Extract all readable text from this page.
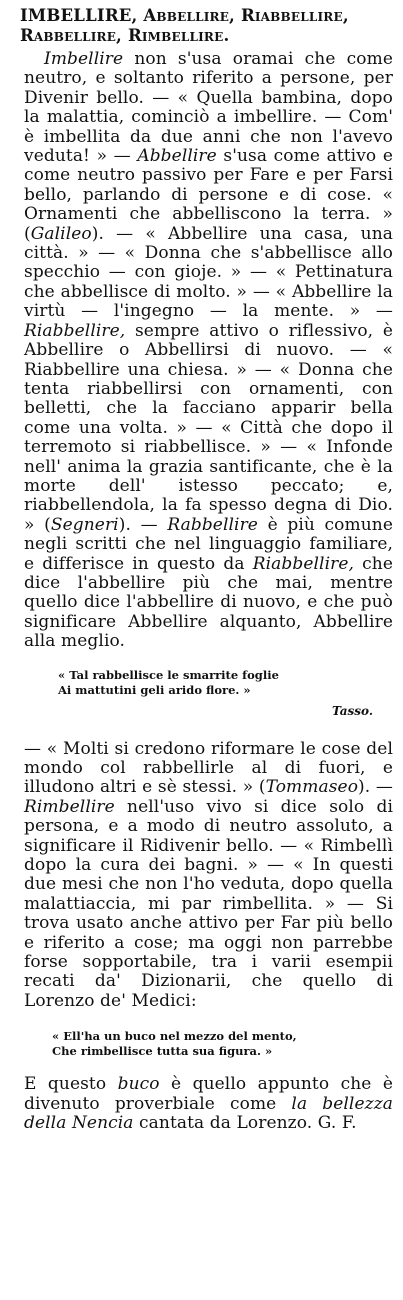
IMBELLIRE, Abbellire, Riabbellire, Rabbellire, Rimbellire.

Imbellire non s'usa oramai che come neutro, e soltanto riferito a persone, per Divenir bello. — « Quella bambina, dopo la malattia, cominciò a imbellire. — Com' è imbellita da due anni che non l'avevo veduta! » — Abbellire s'usa come attivo e come neutro passivo per Fare e per Farsi bello, parlando di persone e di cose. « Ornamenti che abbelliscono la terra. » (Galileo). — « Abbellire una casa, una città. » — « Donna che s'abbellisce allo specchio — con gioje. » — « Pettinatura che abbellisce di molto. » — « Abbellire la virtù — l'ingegno — la mente. » — Riabbellire, sempre attivo o riflessivo, è Abbellire o Abbellirsi di nuovo. — « Riabbellire una chiesa. » — « Donna che tenta riabbellirsi con ornamenti, con belletti, che la facciano apparir bella come una volta. » — « Città che dopo il terremoto si riabbellisce. » — « Infonde nell' anima la grazia santificante, che è la morte dell' istesso peccato; e, riabbellendola, la fa spesso degna di Dio. » (Segneri). — Rabbellire è più comune negli scritti che nel linguaggio familiare, e differisce in questo da Riabbellire, che dice l'abbellire più che mai, mentre quello dice l'abbellire di nuovo, e che può significare Abbellire alquanto, Abbellire alla meglio.

« Tal rabbellisce le smarrite foglie
Ai mattutini geli arido flore. »
Tasso.

— « Molti si credono riformare le cose del mondo col rabbellirle al di fuori, e illudono altri e sè stessi. » (Tommaseo). — Rimbellire nell'uso vivo si dice solo di persona, e a modo di neutro assoluto, a significare il Ridivenir bello. — « Rimbellì dopo la cura dei bagni. » — « In questi due mesi che non l'ho veduta, dopo quella malattiaccia, mi par rimbellita. » — Si trova usato anche attivo per Far più bello e riferito a cose; ma oggi non parrebbe forse sopportabile, tra i varii esempii recati da' Dizionarii, che quello di Lorenzo de' Medici:

« Ell'ha un buco nel mezzo del mento,
Che rimbellisce tutta sua figura. »

E questo buco è quello appunto che è divenuto proverbiale come la bellezza della Nencia cantata da Lorenzo. G. F.
